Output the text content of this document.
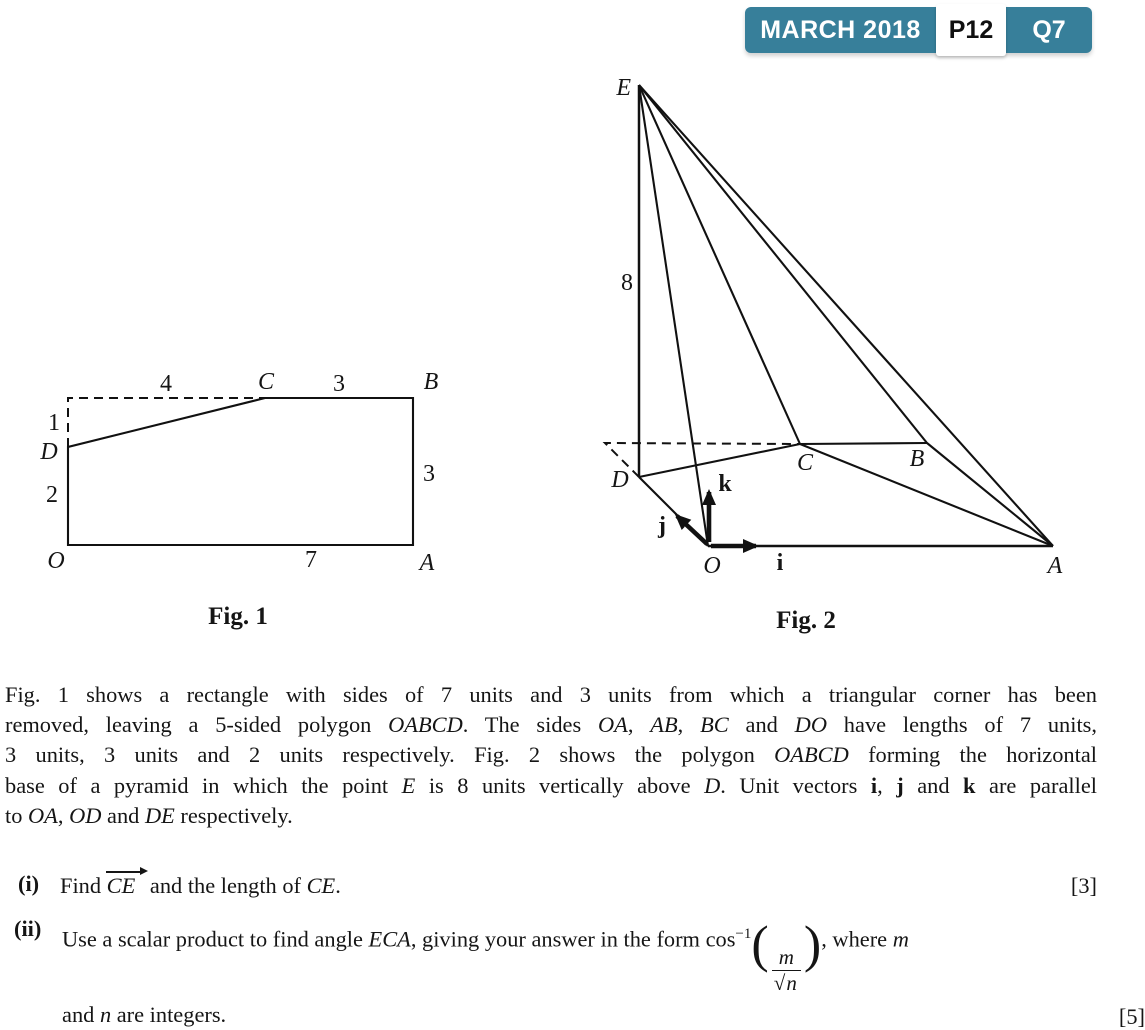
MARCH 2018	P12	Q7
4	C 3	B
1
D
2
3
O	7	A
Fig. 1
E
8
D
C	B
O	A
i
j
k
Fig. 2
Fig. 1 shows a rectangle with sides of 7 units and 3 units from which a triangular corner has been
removed, leaving a 5-sided polygon OABCD. The sides OA, AB, BC and DO have lengths of 7 units,
3 units, 3 units and 2 units respectively. Fig. 2 shows the polygon OABCD forming the horizontal
base of a pyramid in which the point E is 8 units vertically above D. Unit vectors i, j and k are parallel
to OA, OD and DE respectively.
(i) Find CE and the length of CE.	[3]
(ii) Use a scalar product to find angle ECA, giving your answer in the form $\cos^{-1}( \frac{m}{√n}$ ), where m
and n are integers.	[5]
